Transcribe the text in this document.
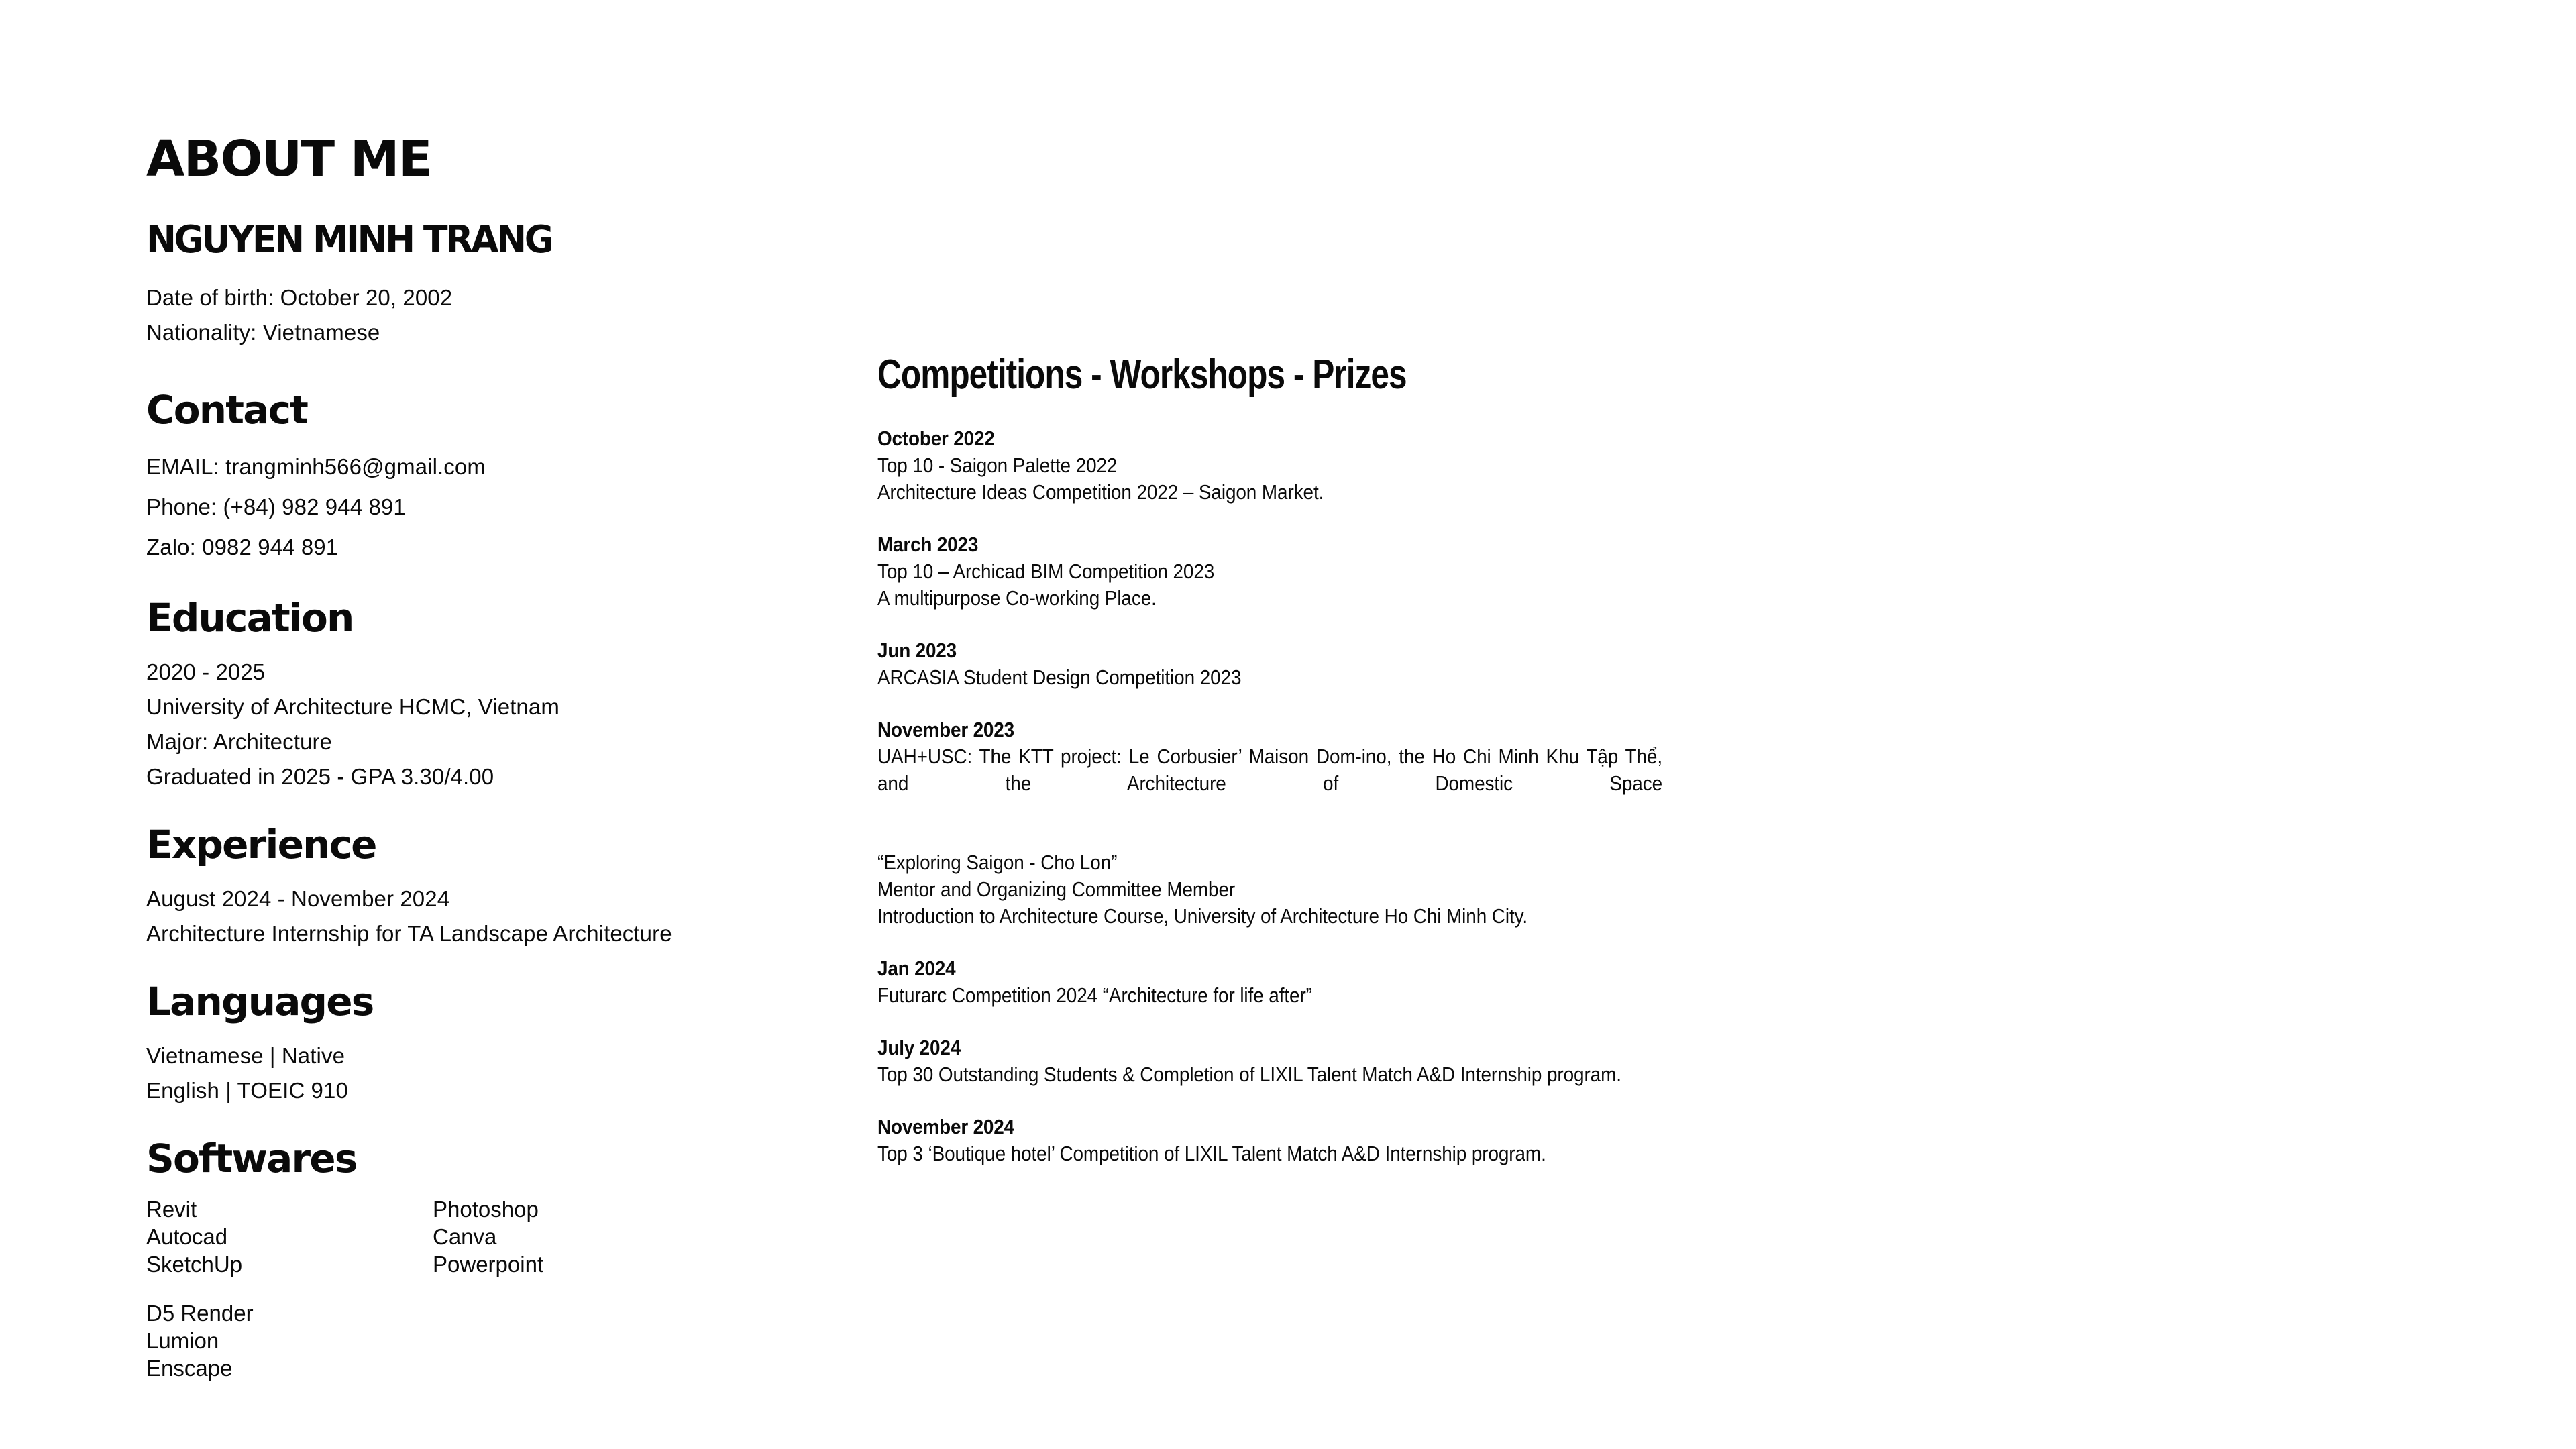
ABOUT ME
NGUYEN MINH TRANG
Date of birth: October 20, 2002
Nationality: Vietnamese
Contact
EMAIL: trangminh566@gmail.com
Phone: (+84) 982 944 891
Zalo: 0982 944 891
Education
2020 - 2025
University of Architecture HCMC, Vietnam
Major: Architecture
Graduated in 2025 - GPA 3.30/4.00
Experience
August 2024 - November 2024
Architecture Internship for TA Landscape Architecture
Languages
Vietnamese | Native
English | TOEIC 910
Softwares
Revit	Photoshop
Autocad	Canva
SketchUp	Powerpoint
D5 Render
Lumion
Enscape
Competitions - Workshops - Prizes
October 2022
Top 10 - Saigon Palette 2022
Architecture Ideas Competition 2022 – Saigon Market.
March 2023
Top 10 – Archicad BIM Competition 2023
A multipurpose Co-working Place.
Jun 2023
ARCASIA Student Design Competition 2023
November 2023
UAH+USC: The KTT project: Le Corbusier’ Maison Dom-ino, the Ho Chi Minh Khu Tập Thể, and the Architecture of Domestic Space
“Exploring Saigon - Cho Lon”
Mentor and Organizing Committee Member
Introduction to Architecture Course, University of Architecture Ho Chi Minh City.
Jan 2024
Futurarc Competition 2024 “Architecture for life after”
July 2024
Top 30 Outstanding Students & Completion of LIXIL Talent Match A&D Internship program.
November 2024
Top 3 ‘Boutique hotel’ Competition of LIXIL Talent Match A&D Internship program.
